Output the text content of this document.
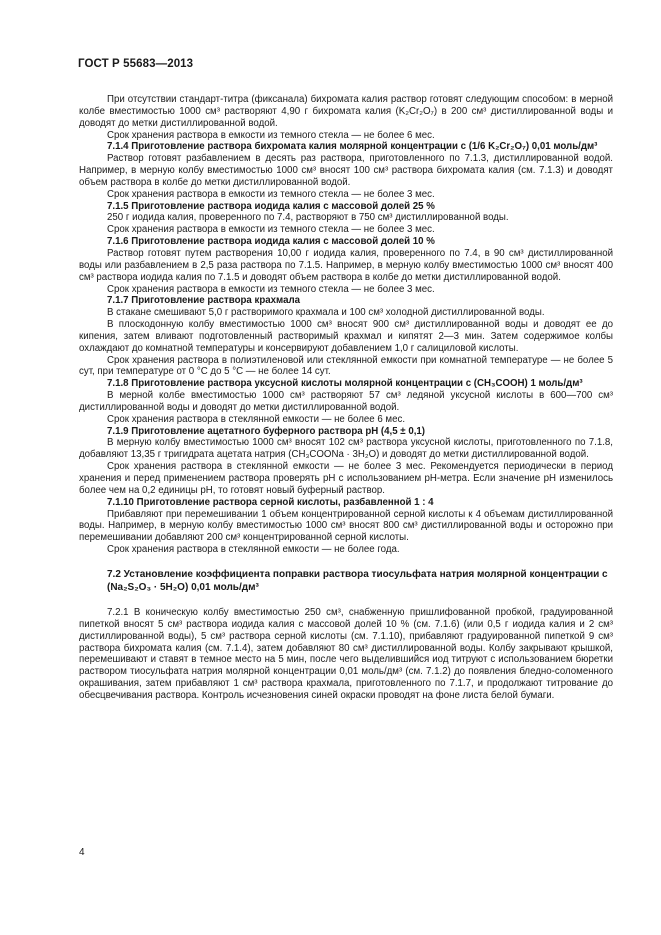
ГОСТ Р 55683—2013

При отсутствии стандарт-титра (фиксанала) бихромата калия раствор готовят следующим способом: в мерной колбе вместимостью 1000 см³ растворяют 4,90 г бихромата калия (K₂Cr₂O₇) в 200 см³ дистиллированной воды и доводят до метки дистиллированной водой.

Срок хранения раствора в емкости из темного стекла — не более 6 мес.

7.1.4 Приготовление раствора бихромата калия молярной концентрации с (1/6 K₂Cr₂O₇) 0,01 моль/дм³

Раствор готовят разбавлением в десять раз раствора, приготовленного по 7.1.3, дистиллированной водой. Например, в мерную колбу вместимостью 1000 см³ вносят 100 см³ раствора бихромата калия (см. 7.1.3) и доводят объем раствора в колбе до метки дистиллированной водой.

Срок хранения раствора в емкости из темного стекла — не более 3 мес.

7.1.5 Приготовление раствора иодида калия с массовой долей 25 %

250 г иодида калия, проверенного по 7.4, растворяют в 750 см³ дистиллированной воды.

Срок хранения раствора в емкости из темного стекла — не более 3 мес.

7.1.6 Приготовление раствора иодида калия с массовой долей 10 %

Раствор готовят путем растворения 10,00 г иодида калия, проверенного по 7.4, в 90 см³ дистиллированной воды или разбавлением в 2,5 раза раствора по 7.1.5. Например, в мерную колбу вместимостью 1000 см³ вносят 400 см³ раствора иодида калия по 7.1.5 и доводят объем раствора в колбе до метки дистиллированной водой.

Срок хранения раствора в емкости из темного стекла — не более 3 мес.

7.1.7 Приготовление раствора крахмала

В стакане смешивают 5,0 г растворимого крахмала и 100 см³ холодной дистиллированной воды.

В плоскодонную колбу вместимостью 1000 см³ вносят 900 см³ дистиллированной воды и доводят ее до кипения, затем вливают подготовленный растворимый крахмал и кипятят 2—3 мин. Затем содержимое колбы охлаждают до комнатной температуры и консервируют добавлением 1,0 г салициловой кислоты.

Срок хранения раствора в полиэтиленовой или стеклянной емкости при комнатной температуре — не более 5 сут, при температуре от 0 °С до 5 °С — не более 14 сут.

7.1.8 Приготовление раствора уксусной кислоты молярной концентрации с (CH₃COOH) 1 моль/дм³

В мерной колбе вместимостью 1000 см³ растворяют 57 см³ ледяной уксусной кислоты в 600—700 см³ дистиллированной воды и доводят до метки дистиллированной водой.

Срок хранения раствора в стеклянной емкости — не более 6 мес.

7.1.9 Приготовление ацетатного буферного раствора pH (4,5 ± 0,1)

В мерную колбу вместимостью 1000 см³ вносят 102 см³ раствора уксусной кислоты, приготовленного по 7.1.8, добавляют 13,35 г тригидрата ацетата натрия (CH₃COONa · 3H₂O) и доводят до метки дистиллированной водой.

Срок хранения раствора в стеклянной емкости — не более 3 мес. Рекомендуется периодически в период хранения и перед применением раствора проверять pH с использованием pH-метра. Если значение pH изменилось более чем на 0,2 единицы pH, то готовят новый буферный раствор.

7.1.10 Приготовление раствора серной кислоты, разбавленной 1 : 4

Прибавляют при перемешивании 1 объем концентрированной серной кислоты к 4 объемам дистиллированной воды. Например, в мерную колбу вместимостью 1000 см³ вносят 800 см³ дистиллированной воды и осторожно при перемешивании добавляют 200 см³ концентрированной серной кислоты.

Срок хранения раствора в стеклянной емкости — не более года.

7.2 Установление коэффициента поправки раствора тиосульфата натрия молярной концентрации с (Na₂S₂O₃ · 5H₂O) 0,01 моль/дм³

7.2.1 В коническую колбу вместимостью 250 см³, снабженную пришлифованной пробкой, градуированной пипеткой вносят 5 см³ раствора иодида калия с массовой долей 10 % (см. 7.1.6) (или 0,5 г иодида калия и 2 см³ дистиллированной воды), 5 см³ раствора серной кислоты (см. 7.1.10), прибавляют градуированной пипеткой 9 см³ раствора бихромата калия (см. 7.1.4), затем добавляют 80 см³ дистиллированной воды. Колбу закрывают крышкой, перемешивают и ставят в темное место на 5 мин, после чего выделившийся иод титруют с использованием бюретки раствором тиосульфата натрия молярной концентрации 0,01 моль/дм³ (см. 7.1.2) до появления бледно-соломенного окрашивания, затем прибавляют 1 см³ раствора крахмала, приготовленного по 7.1.7, и продолжают титрование до обесцвечивания раствора. Контроль исчезновения синей окраски проводят на фоне листа белой бумаги.

4
